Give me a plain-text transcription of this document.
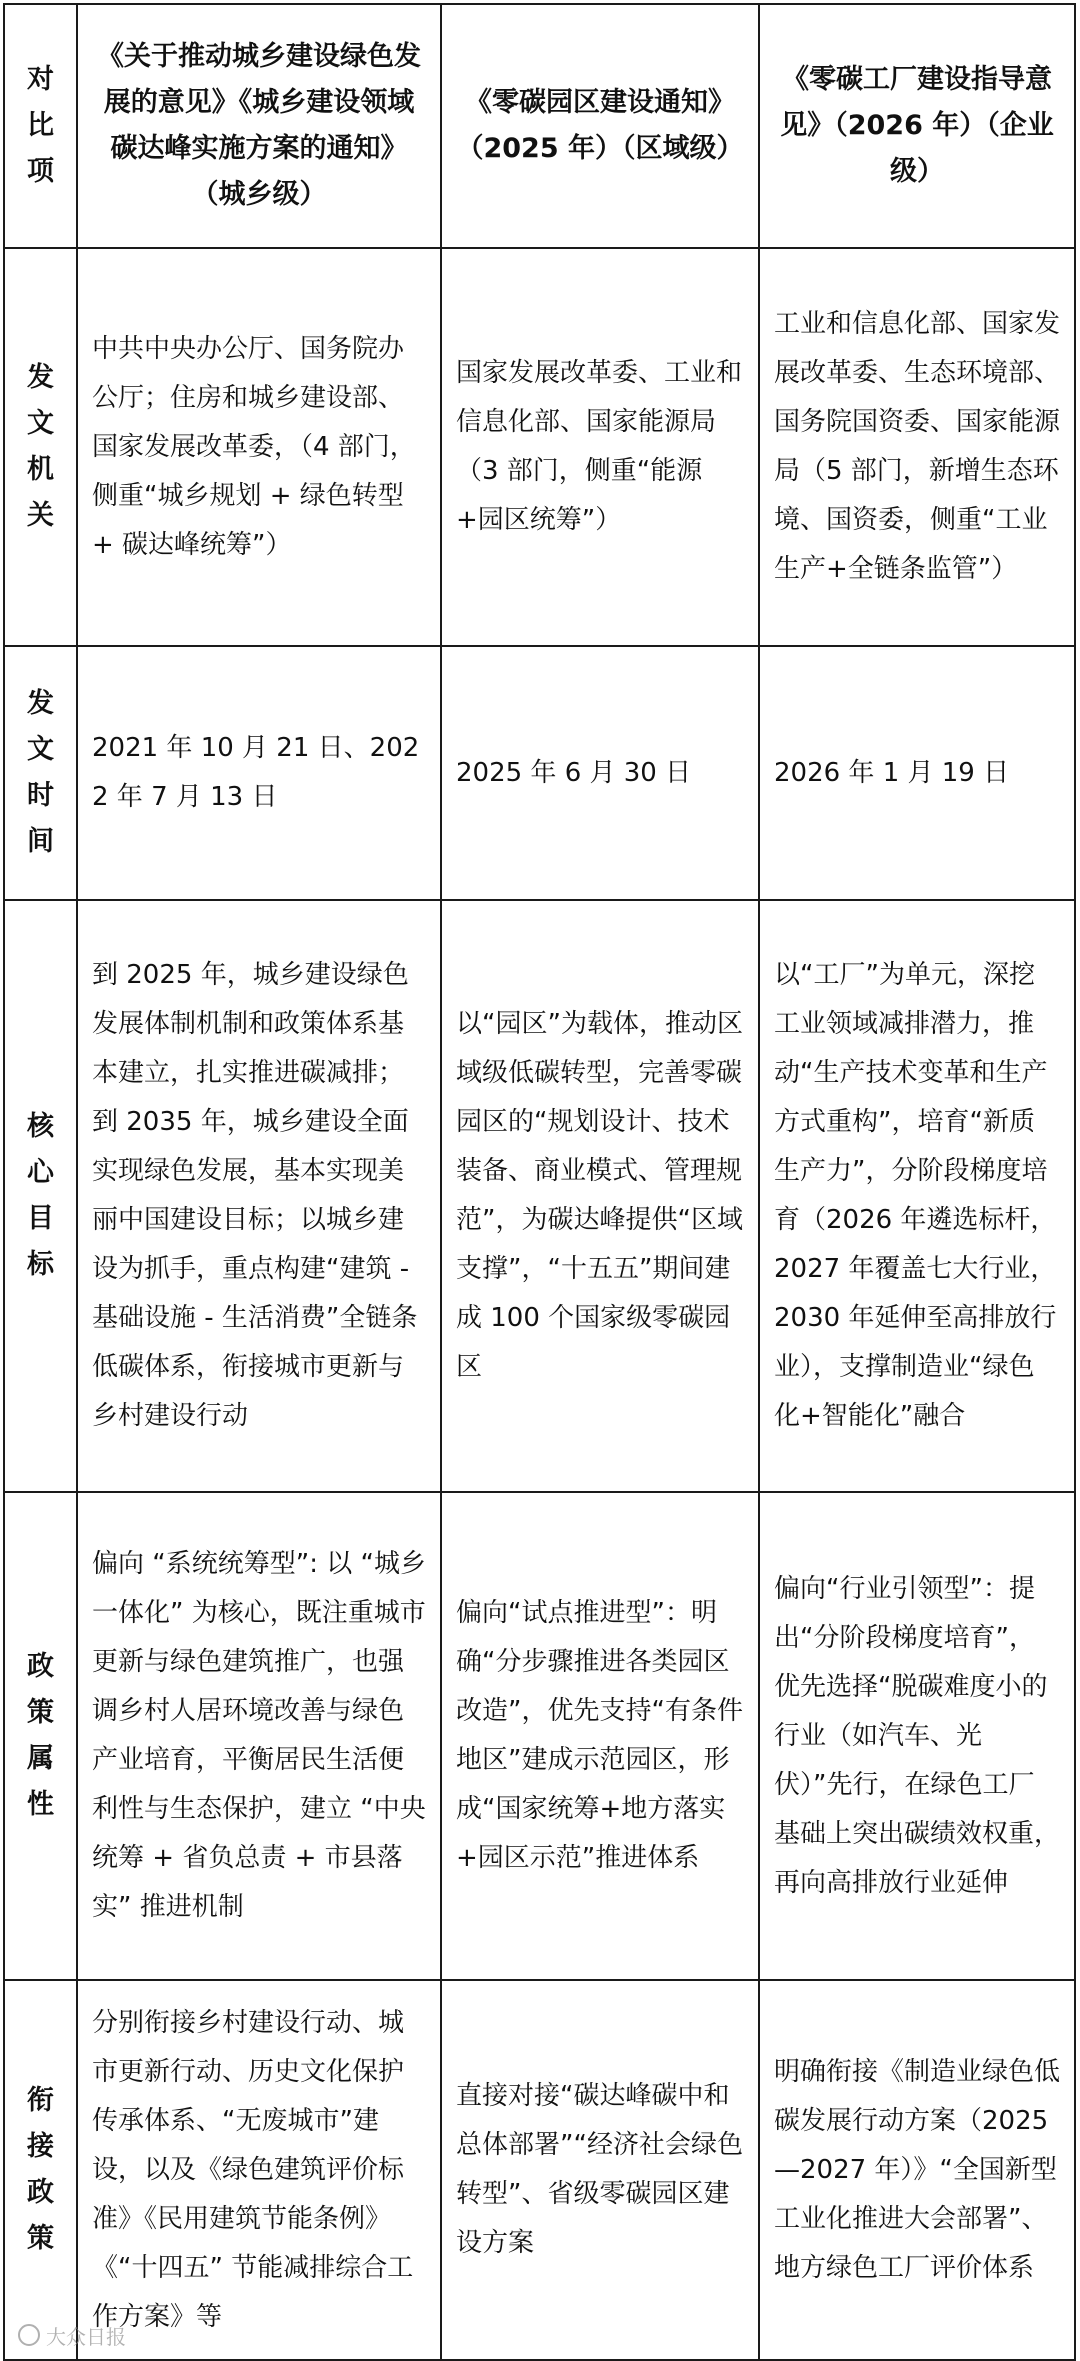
对比项	《关于推动城乡建设绿色发展的意见》《城乡建设领域碳达峰实施方案的通知》（城乡级）	《零碳园区建设通知》（2025 年）（区域级）	《零碳工厂建设指导意见》（2026 年）（企业级）
发文机关	中共中央办公厅、国务院办公厅；住房和城乡建设部、国家发展改革委，（4 部门，侧重“城乡规划 + 绿色转型 + 碳达峰统筹”）	国家发展改革委、工业和信息化部、国家能源局（3 部门，侧重“能源+园区统筹”）	工业和信息化部、国家发展改革委、生态环境部、国务院国资委、国家能源局（5 部门，新增生态环境、国资委，侧重“工业生产+全链条监管”）
发文时间	2021 年 10 月 21 日、2022 年 7 月 13 日	2025 年 6 月 30 日	2026 年 1 月 19 日
核心目标	到 2025 年，城乡建设绿色发展体制机制和政策体系基本建立，扎实推进碳减排；到 2035 年，城乡建设全面实现绿色发展，基本实现美丽中国建设目标；以城乡建设为抓手，重点构建“建筑 - 基础设施 - 生活消费”全链条低碳体系，衔接城市更新与乡村建设行动	以“园区”为载体，推动区域级低碳转型，完善零碳园区的“规划设计、技术装备、商业模式、管理规范”，为碳达峰提供“区域支撑”，“十五五”期间建成 100 个国家级零碳园区	以“工厂”为单元，深挖工业领域减排潜力，推动“生产技术变革和生产方式重构”，培育“新质生产力”，分阶段梯度培育（2026 年遴选标杆，2027 年覆盖七大行业，2030 年延伸至高排放行业），支撑制造业“绿色化+智能化”融合
政策属性	偏向 “系统统筹型”: 以 “城乡一体化” 为核心，既注重城市更新与绿色建筑推广，也强调乡村人居环境改善与绿色产业培育，平衡居民生活便利性与生态保护，建立 “中央统筹 + 省负总责 + 市县落实” 推进机制	偏向“试点推进型”：明确“分步骤推进各类园区改造”，优先支持“有条件地区”建成示范园区，形成“国家统筹+地方落实+园区示范”推进体系	偏向“行业引领型”：提出“分阶段梯度培育”，优先选择“脱碳难度小的行业（如汽车、光伏）”先行，在绿色工厂基础上突出碳绩效权重，再向高排放行业延伸
衔接政策	分别衔接乡村建设行动、城市更新行动、历史文化保护传承体系、“无废城市”建设，以及《绿色建筑评价标准》《民用建筑节能条例》《“十四五” 节能减排综合工作方案》等	直接对接“碳达峰碳中和总体部署”“经济社会绿色转型”、省级零碳园区建设方案	明确衔接《制造业绿色低碳发展行动方案（2025—2027 年）》“全国新型工业化推进大会部署”、地方绿色工厂评价体系
大众日报
